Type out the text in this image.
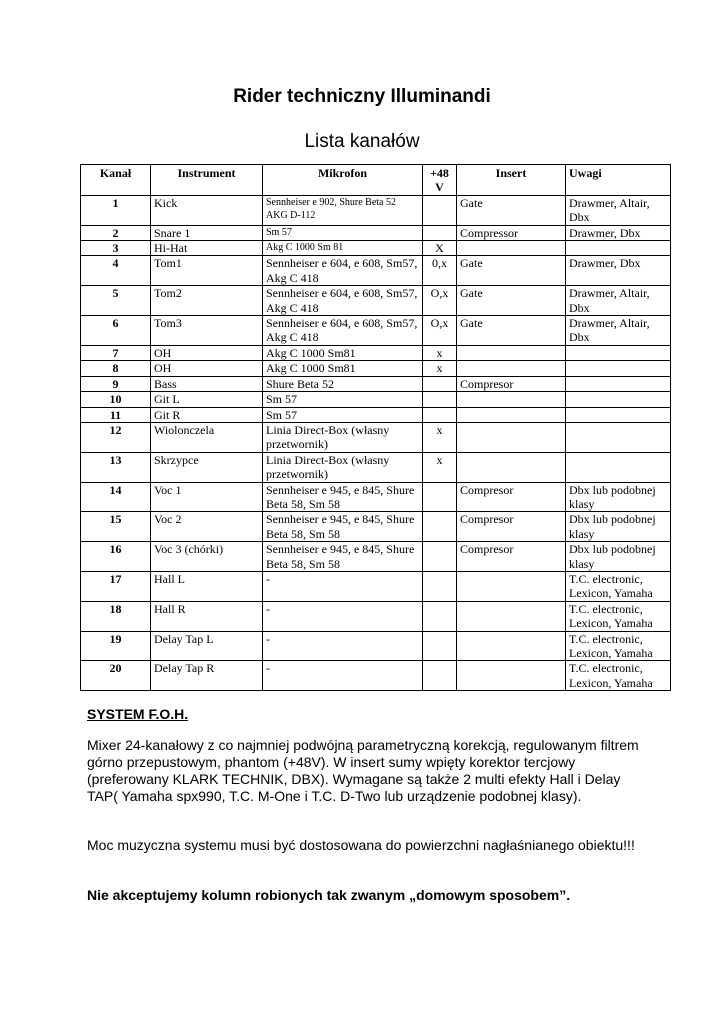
Rider techniczny Illuminandi
Lista kanałów
Kanał	Instrument	Mikrofon	+48 V	Insert	Uwagi
1	Kick	Sennheiser e 902, Shure Beta 52 AKG D-112		Gate	Drawmer, Altair, Dbx
2	Snare 1	Sm 57		Compressor	Drawmer, Dbx
3	Hi-Hat	Akg C 1000 Sm 81	X		
4	Tom1	Sennheiser e 604, e 608, Sm57, Akg C 418	0,x	Gate	Drawmer, Dbx
5	Tom2	Sennheiser e 604, e 608, Sm57, Akg C 418	O,x	Gate	Drawmer, Altair, Dbx
6	Tom3	Sennheiser e 604, e 608, Sm57, Akg C 418	O,x	Gate	Drawmer, Altair, Dbx
7	OH	Akg C 1000 Sm81	x		
8	OH	Akg C 1000 Sm81	x		
9	Bass	Shure Beta 52		Compresor	
10	Git L	Sm 57			
11	Git R	Sm 57			
12	Wiolonczela	Linia Direct-Box (własny przetwornik)	x		
13	Skrzypce	Linia Direct-Box (własny przetwornik)	x		
14	Voc 1	Sennheiser e 945, e 845, Shure Beta 58, Sm 58		Compresor	Dbx lub podobnej klasy
15	Voc 2	Sennheiser e 945, e 845, Shure Beta 58, Sm 58		Compresor	Dbx lub podobnej klasy
16	Voc 3 (chórki)	Sennheiser e 945, e 845, Shure Beta 58, Sm 58		Compresor	Dbx lub podobnej klasy
17	Hall L	-			T.C. electronic, Lexicon, Yamaha
18	Hall R	-			T.C. electronic, Lexicon, Yamaha
19	Delay Tap L	-			T.C. electronic, Lexicon, Yamaha
20	Delay Tap R	-			T.C. electronic, Lexicon, Yamaha
SYSTEM F.O.H.

Mixer 24-kanałowy z co najmniej podwójną parametryczną korekcją, regulowanym filtrem górno przepustowym, phantom (+48V). W insert sumy wpięty korektor tercjowy (preferowany KLARK TECHNIK, DBX). Wymagane są także 2 multi efekty Hall i Delay TAP( Yamaha spx990, T.C. M-One i T.C. D-Two lub urządzenie podobnej klasy).

Moc muzyczna systemu musi być dostosowana do powierzchni nagłaśnianego obiektu!!!

Nie akceptujemy kolumn robionych tak zwanym „domowym sposobem”.
